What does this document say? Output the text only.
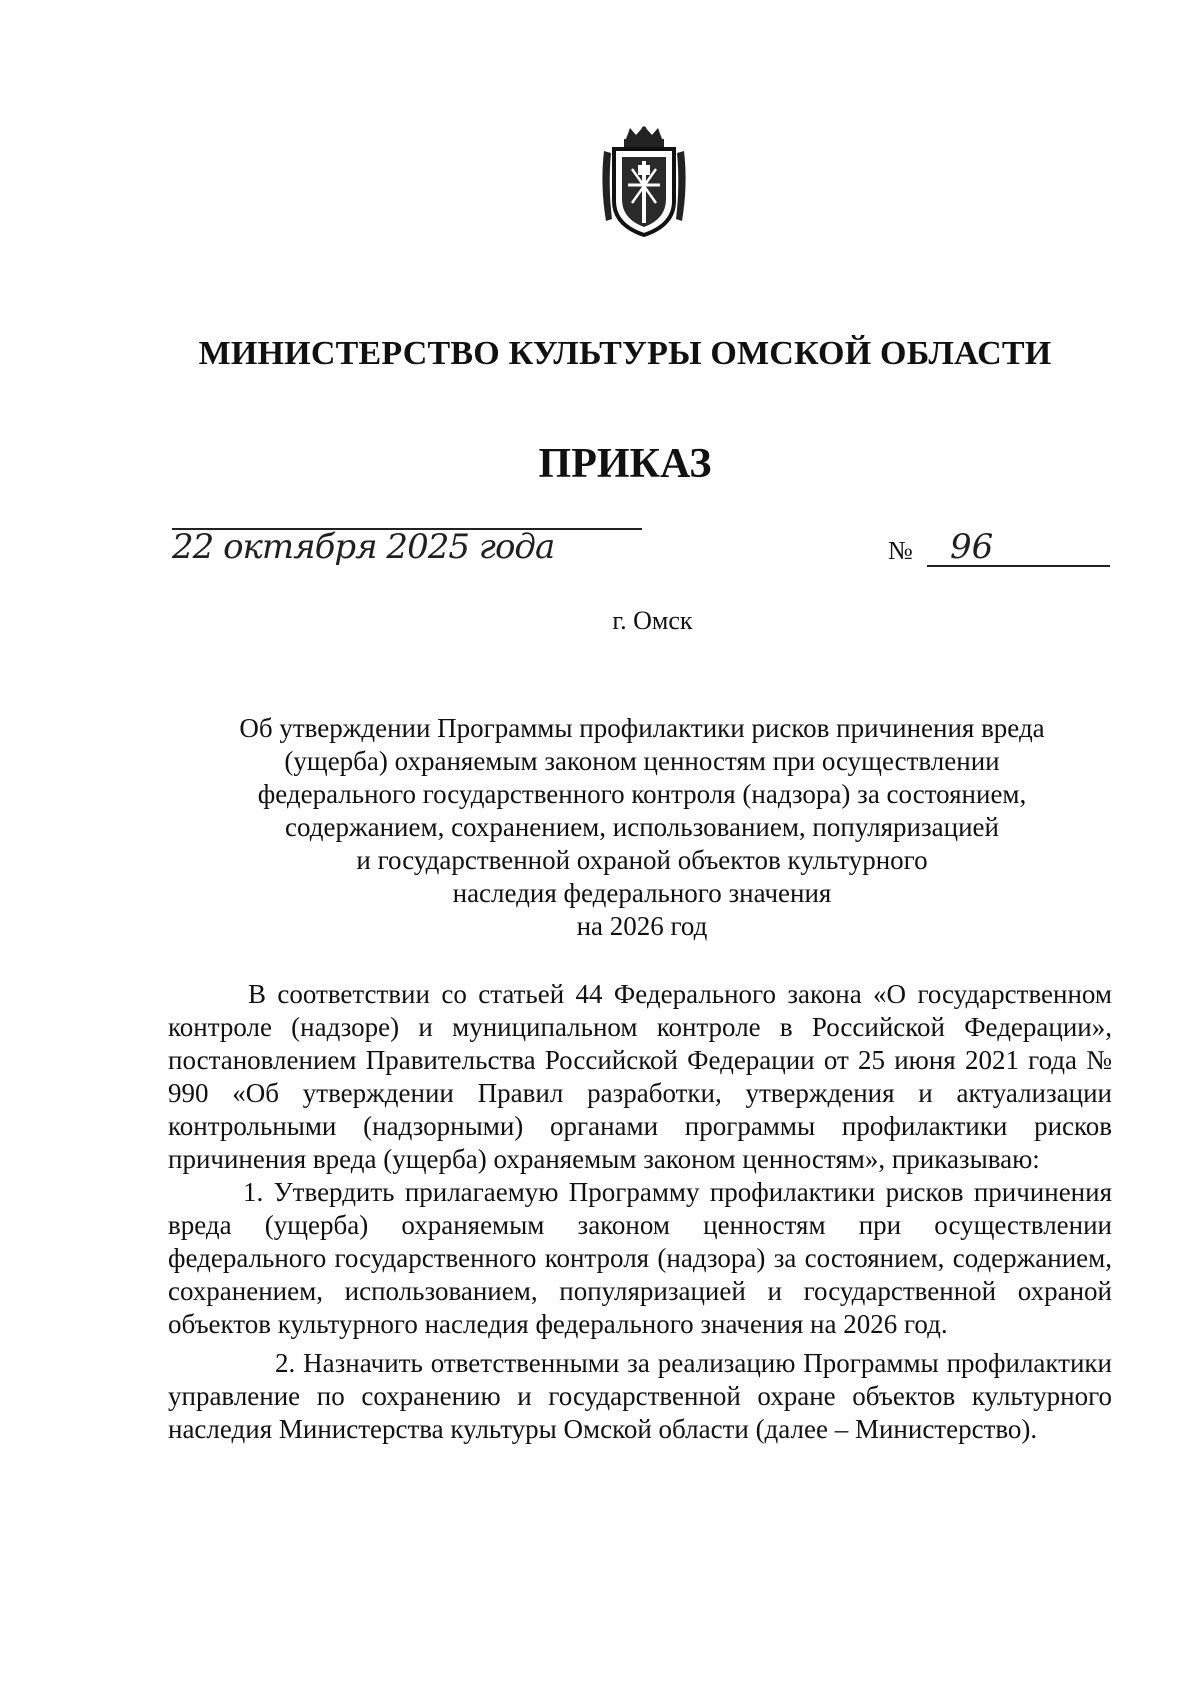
МИНИСТЕРСТВО КУЛЬТУРЫ ОМСКОЙ ОБЛАСТИ
ПРИКАЗ
22 октября 2025 года	№ 96
г. Омск
Об утверждении Программы профилактики рисков причинения вреда
(ущерба) охраняемым законом ценностям при осуществлении
федерального государственного контроля (надзора) за состоянием,
содержанием, сохранением, использованием, популяризацией
и государственной охраной объектов культурного
наследия федерального значения
на 2026 год

В соответствии со статьей 44 Федерального закона «О государственном контроле (надзоре) и муниципальном контроле в Российской Федерации», постановлением Правительства Российской Федерации от 25 июня 2021 года № 990 «Об утверждении Правил разработки, утверждения и актуализации контрольными (надзорными) органами программы профилактики рисков причинения вреда (ущерба) охраняемым законом ценностям», приказываю:

1. Утвердить прилагаемую Программу профилактики рисков причинения вреда (ущерба) охраняемым законом ценностям при осуществлении федерального государственного контроля (надзора) за состоянием, содержанием, сохранением, использованием, популяризацией и государственной охраной объектов культурного наследия федерального значения на 2026 год.

2. Назначить ответственными за реализацию Программы профилактики управление по сохранению и государственной охране объектов культурного наследия Министерства культуры Омской области (далее – Министерство).
